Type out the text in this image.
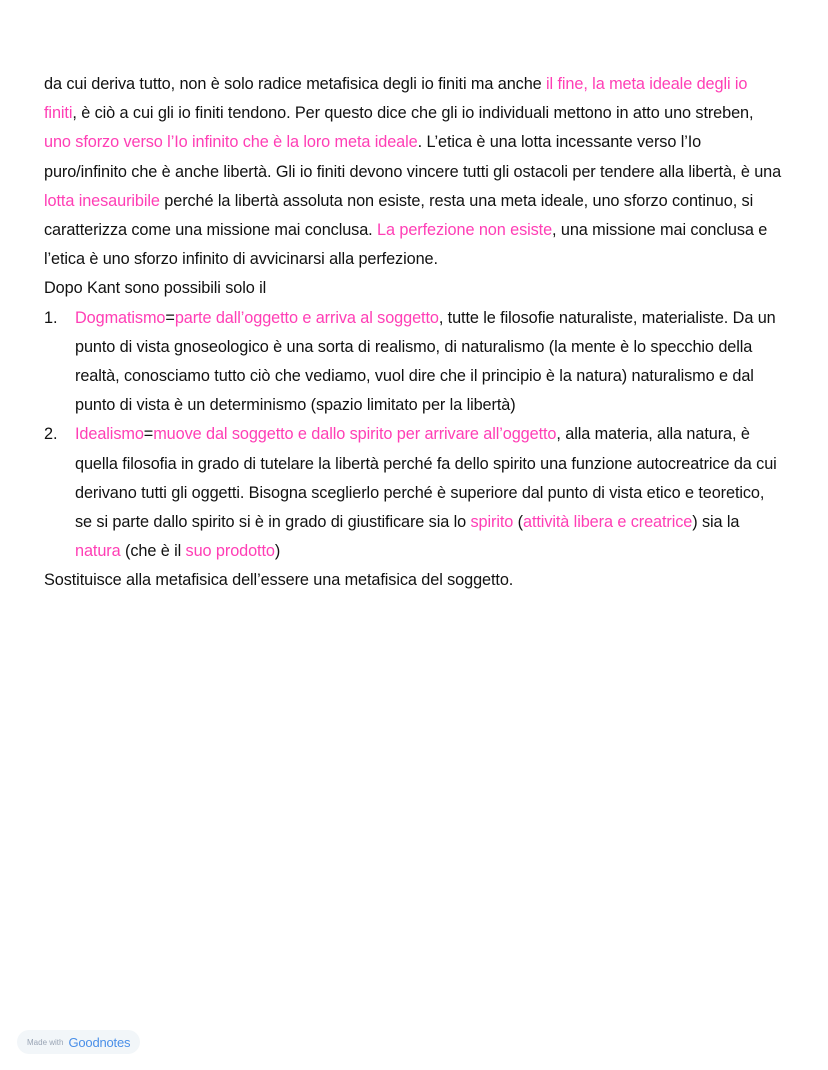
da cui deriva tutto, non è solo radice metafisica degli io finiti ma anche il fine, la meta ideale degli io finiti, è ciò a cui gli io finiti tendono. Per questo dice che gli io individuali mettono in atto uno streben, uno sforzo verso l’Io infinito che è la loro meta ideale. L’etica è una lotta incessante verso l’Io puro/infinito che è anche libertà. Gli io finiti devono vincere tutti gli ostacoli per tendere alla libertà, è una lotta inesauribile perché la libertà assoluta non esiste, resta una meta ideale, uno sforzo continuo, si caratterizza come una missione mai conclusa. La perfezione non esiste, una missione mai conclusa e l’etica è uno sforzo infinito di avvicinarsi alla perfezione.

Dopo Kant sono possibili solo il

1. Dogmatismo=parte dall’oggetto e arriva al soggetto, tutte le filosofie naturaliste, materialiste. Da un punto di vista gnoseologico è una sorta di realismo, di naturalismo (la mente è lo specchio della realtà, conosciamo tutto ciò che vediamo, vuol dire che il principio è la natura) naturalismo e dal punto di vista è un determinismo (spazio limitato per la libertà)
2. Idealismo=muove dal soggetto e dallo spirito per arrivare all’oggetto, alla materia, alla natura, è quella filosofia in grado di tutelare la libertà perché fa dello spirito una funzione autocreatrice da cui derivano tutti gli oggetti. Bisogna sceglierlo perché è superiore dal punto di vista etico e teoretico, se si parte dallo spirito si è in grado di giustificare sia lo spirito (attività libera e creatrice) sia la natura (che è il suo prodotto)

Sostituisce alla metafisica dell’essere una metafisica del soggetto.

Made with Goodnotes
